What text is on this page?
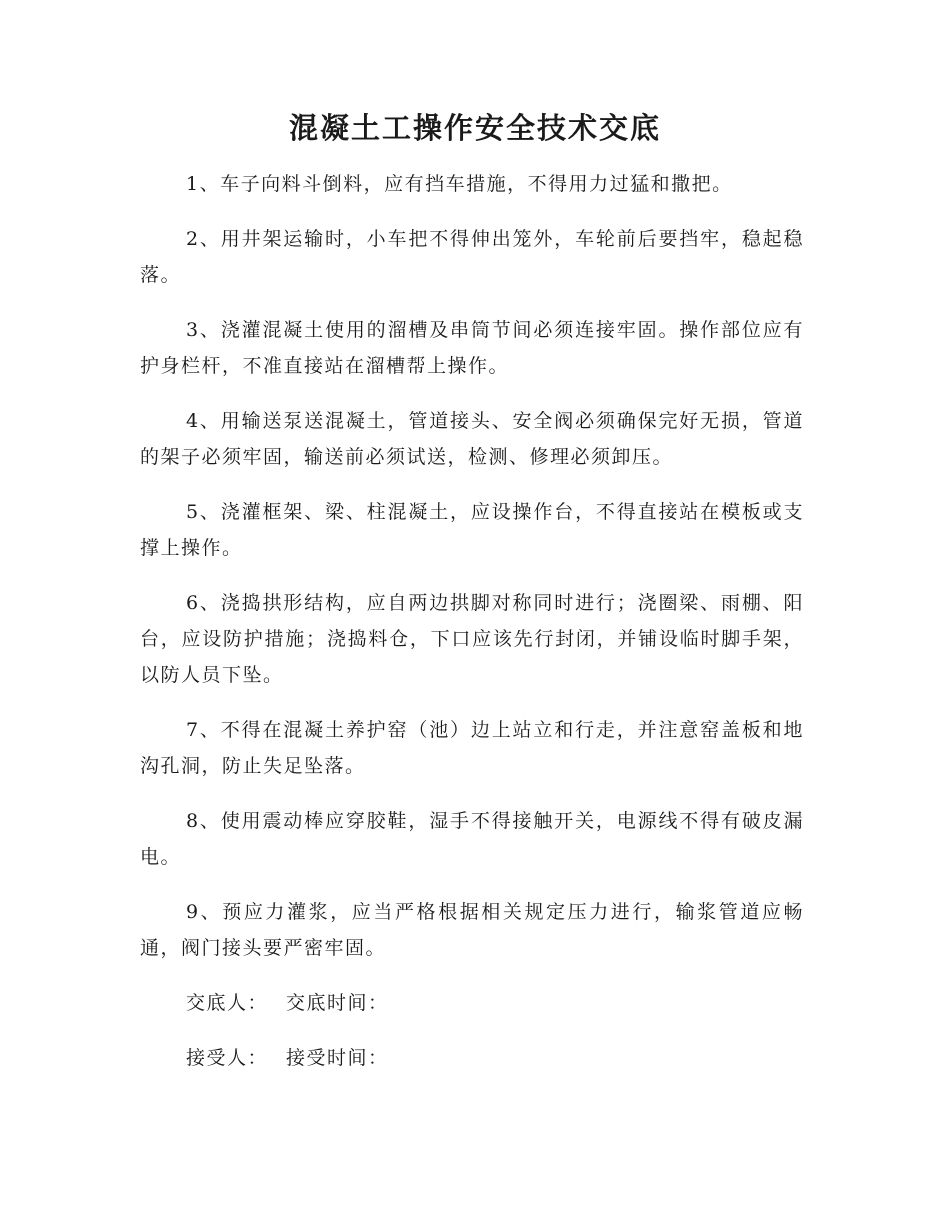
混凝土工操作安全技术交底

1、车子向料斗倒料，应有挡车措施，不得用力过猛和撒把。

2、用井架运输时，小车把不得伸出笼外，车轮前后要挡牢，稳起稳落。

3、浇灌混凝土使用的溜槽及串筒节间必须连接牢固。操作部位应有护身栏杆，不准直接站在溜槽帮上操作。

4、用输送泵送混凝土，管道接头、安全阀必须确保完好无损，管道的架子必须牢固，输送前必须试送，检测、修理必须卸压。

5、浇灌框架、梁、柱混凝土，应设操作台，不得直接站在模板或支撑上操作。

6、浇捣拱形结构，应自两边拱脚对称同时进行；浇圈梁、雨棚、阳台，应设防护措施；浇捣料仓，下口应该先行封闭，并铺设临时脚手架，以防人员下坠。

7、不得在混凝土养护窑（池）边上站立和行走，并注意窑盖板和地沟孔洞，防止失足坠落。

8、使用震动棒应穿胶鞋，湿手不得接触开关，电源线不得有破皮漏电。

9、预应力灌浆，应当严格根据相关规定压力进行，输浆管道应畅通，阀门接头要严密牢固。

交底人： 交底时间：
接受人： 接受时间：
